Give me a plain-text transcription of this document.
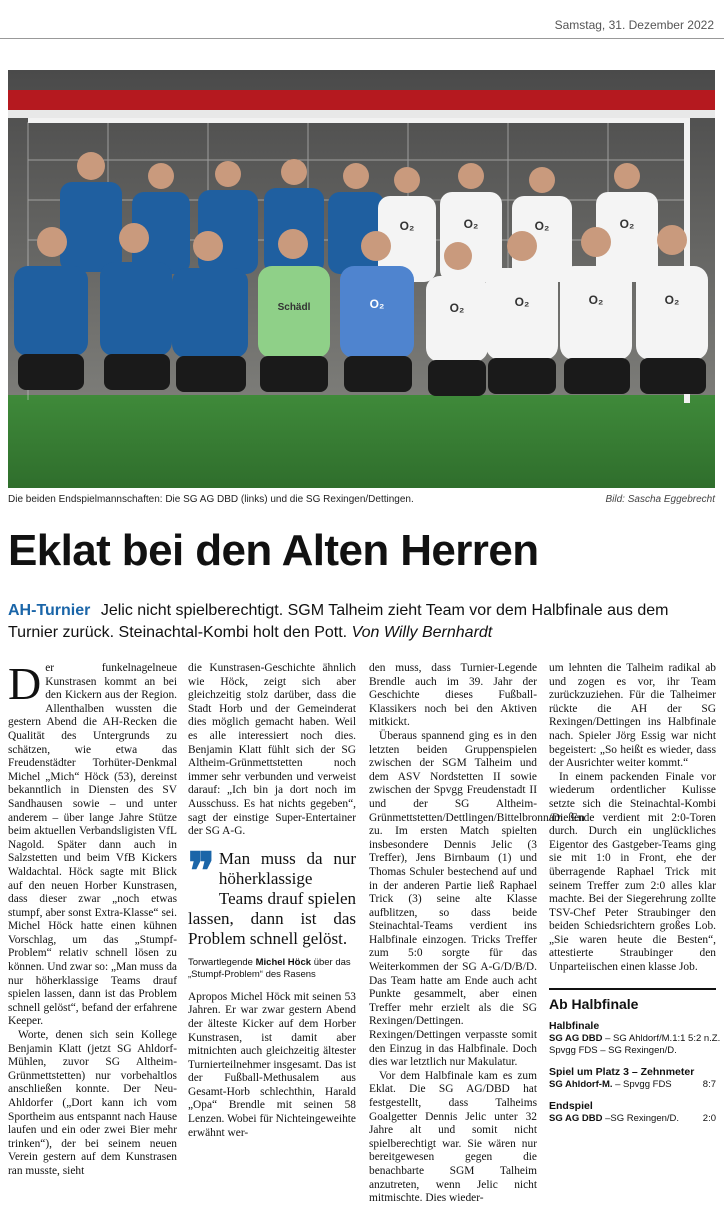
Samstag, 31. Dezember 2022
O₂	O₂	O₂	O₂
O₂	O₂	O₂	O₂
O₂
Schädl
Die beiden Endspielmannschaften: Die SG AG DBD (links) und die SG Rexingen/Dettingen.	Bild: Sascha Eggebrecht
Eklat bei den Alten Herren
AH-Turnier Jelic nicht spielberechtigt. SGM Talheim zieht Team vor dem Halbfinale aus dem Turnier zurück. Steinachtal-Kombi holt den Pott. Von Willy Bernhardt

Der funkelnagelneue Kunstrasen kommt an bei den Kickern aus der Region. Allenthalben wussten die gestern Abend die AH-Recken die Qualität des Untergrunds zu schätzen, wie etwa das Freudenstädter Torhüter-Denkmal Michel „Mich“ Höck (53), dereinst bekanntlich in Diensten des SV Sandhausen sowie – und unter anderem – über lange Jahre Stütze beim aktuellen Verbandsligisten VfL Nagold. Später dann auch in Salzstetten und beim VfB Kickers Waldachtal. Höck sagte mit Blick auf den neuen Horber Kunstrasen, dass dieser zwar „noch etwas stumpf, aber sonst Extra-Klasse“ sei. Michel Höck hatte einen kühnen Vorschlag, um das „Stumpf-Problem“ relativ schnell lösen zu können. Und zwar so: „Man muss da nur höherklassige Teams drauf spielen lassen, dann ist das Problem schnell gelöst“, befand der erfahrene Keeper.

Worte, denen sich sein Kollege Benjamin Klatt (jetzt SG Ahldorf-Mühlen, zuvor SG Altheim-Grünmettstetten) nur vorbehaltlos anschließen konnte. Der Neu-Ahldorfer („Dort kann ich vom Sportheim aus entspannt nach Hause laufen und ein oder zwei Bier mehr trinken“), der bei seinem neuen Verein gestern auf dem Kunstrasen ran musste, sieht

die Kunstrasen-Geschichte ähnlich wie Höck, zeigt sich aber gleichzeitig stolz darüber, dass die Stadt Horb und der Gemeinderat dies möglich gemacht haben. Weil es alle interessiert noch dies. Benjamin Klatt fühlt sich der SG Altheim-Grünmettstetten noch immer sehr verbunden und verweist darauf: „Ich bin ja dort noch im Ausschuss. Es hat nichts gegeben“, sagt der einstige Super-Entertainer der SG A-G.

❞ Man muss da nur höherklassige Teams drauf spielen lassen, dann ist das Problem schnell gelöst.
Torwartlegende Michel Höck über das „Stumpf-Problem“ des Rasens

Apropos Michel Höck mit seinen 53 Jahren. Er war zwar gestern Abend der älteste Kicker auf dem Horber Kunstrasen, ist damit aber mitnichten auch gleichzeitig ältester Turnierteilnehmer insgesamt. Das ist der Fußball-Methusalem aus Gesamt-Horb schlechthin, Harald „Opa“ Brendle mit seinen 58 Lenzen. Wobei für Nichteingeweihte erwähnt wer-

den muss, dass Turnier-Legende Brendle auch im 39. Jahr der Geschichte dieses Fußball-Klassikers noch bei den Aktiven mitkickt.

Überaus spannend ging es in den letzten beiden Gruppenspielen zwischen der SGM Talheim und dem ASV Nordstetten II sowie zwischen der Spvgg Freudenstadt II und der SG Altheim-Grünmettstetten/Dettlingen/Bittelbronn/Dießen zu. Im ersten Match spielten insbesondere Dennis Jelic (3 Treffer), Jens Birnbaum (1) und Thomas Schuler bestechend auf und in der anderen Partie ließ Raphael Trick (3) seine alte Klasse aufblitzen, so dass beide Steinachtal-Teams verdient ins Halbfinale einzogen. Tricks Treffer zum 5:0 sorgte für das Weiterkommen der SG A-G/D/B/D. Das Team hatte am Ende auch acht Punkte gesammelt, aber einen Treffer mehr erzielt als die SG Rexingen/Dettingen. Rexingen/Dettingen verpasste somit den Einzug in das Halbfinale. Doch dies war letztlich nur Makulatur.

Vor dem Halbfinale kam es zum Eklat. Die SG AG/DBD hat festgestellt, dass Talheims Goalgetter Dennis Jelic unter 32 Jahre alt und somit nicht spielberechtigt war. Sie wären nur bereitgewesen gegen die benachbarte SGM Talheim anzutreten, wenn Jelic nicht mitmischte. Dies wieder-

um lehnten die Talheim radikal ab und zogen es vor, ihr Team zurückzuziehen. Für die Talheimer rückte die AH der SG Rexingen/Dettingen ins Halbfinale nach. Spieler Jörg Essig war nicht begeistert: „So heißt es wieder, dass der Ausrichter weiter kommt.“

In einem packenden Finale vor wiederum ordentlicher Kulisse setzte sich die Steinachtal-Kombi am Ende verdient mit 2:0-Toren durch. Durch ein unglückliches Eigentor des Gastgeber-Teams ging sie mit 1:0 in Front, ehe der überragende Raphael Trick mit seinem Treffer zum 2:0 alles klar machte. Bei der Siegerehrung zollte TSV-Chef Peter Straubinger den beiden Schiedsrichtern großes Lob. „Sie waren heute die Besten“, attestierte Straubinger den Unparteiischen einen klasse Job.

Ab Halbfinale
Halbfinale
SG AG DBD – SG Ahldorf/M. 1:1 5:2 n.Z.
Spvgg FDS – SG Rexingen/D.
Spiel um Platz 3 – Zehnmeter
SG Ahldorf-M. – Spvgg FDS	8:7
Endspiel
SG AG DBD –SG Rexingen/D. 2:0
